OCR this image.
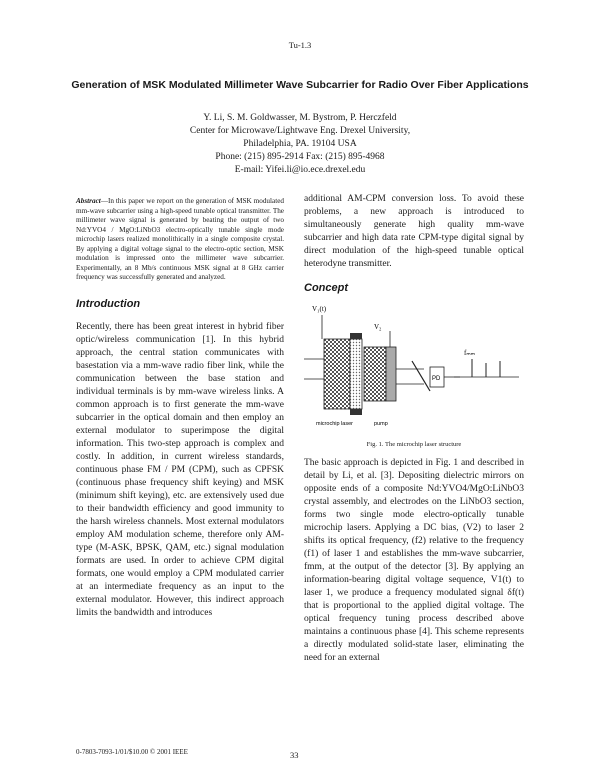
Tu-1.3
Generation of MSK Modulated Millimeter Wave Subcarrier for Radio Over Fiber Applications
Y. Li, S. M. Goldwasser, M. Bystrom, P. Herczfeld
Center for Microwave/Lightwave Eng. Drexel University,
Philadelphia, PA. 19104 USA
Phone: (215) 895-2914 Fax: (215) 895-4968
E-mail: Yifei.li@io.ece.drexel.edu

Abstract—In this paper we report on the generation of MSK modulated mm-wave subcarrier using a high-speed tunable optical transmitter. The millimeter wave signal is generated by beating the output of two Nd:YVO4 / MgO:LiNbO3 electro-optically tunable single mode microchip lasers realized monolithically in a single composite crystal. By applying a digital voltage signal to the electro-optic section, MSK modulation is impressed onto the millimeter wave subcarrier. Experimentally, an 8 Mb/s continuous MSK signal at 8 GHz carrier frequency was successfully generated and analyzed.

Introduction

Recently, there has been great interest in hybrid fiber optic/wireless communication [1]. In this hybrid approach, the central station communicates with basestation via a mm-wave radio fiber link, while the communication between the base station and individual terminals is by mm-wave wireless links. A common approach is to first generate the mm-wave subcarrier in the optical domain and then employ an external modulator to superimpose the digital information. This two-step approach is complex and costly. In addition, in current wireless standards, continuous phase FM / PM (CPM), such as CPFSK (continuous phase frequency shift keying) and MSK (minimum shift keying), etc. are extensively used due to their bandwidth efficiency and good immunity to the harsh wireless channels. Most external modulators employ AM modulation scheme, therefore only AM-type (M-ASK, BPSK, QAM, etc.) signal modulation formats are used. In order to achieve CPM digital formats, one would employ a CPM modulated carrier at an intermediate frequency as an input to the external modulator. However, this indirect approach limits the bandwidth and introduces

additional AM-CPM conversion loss. To avoid these problems, a new approach is introduced to simultaneously generate high quality mm-wave subcarrier and high data rate CPM-type digital signal by direct modulation of the high-speed tunable optical heterodyne transmitter.

Concept
V₁(t)
V₂
PD
fₘₘ
microchip laser	pump
Fig. 1. The microchip laser structure

The basic approach is depicted in Fig. 1 and described in detail by Li, et al. [3]. Depositing dielectric mirrors on opposite ends of a composite Nd:YVO4/MgO:LiNbO3 crystal assembly, and electrodes on the LiNbO3 section, forms two single mode electro-optically tunable microchip lasers. Applying a DC bias, (V2) to laser 2 shifts its optical frequency, (f2) relative to the frequency (f1) of laser 1 and establishes the mm-wave subcarrier, fmm, at the output of the detector [3]. By applying an information-bearing digital voltage sequence, V1(t) to laser 1, we produce a frequency modulated signal δf(t) that is proportional to the applied digital voltage. The optical frequency tuning process described above maintains a continuous phase [4]. This scheme represents a directly modulated solid-state laser, eliminating the need for an external

0-7803-7093-1/01/$10.00 © 2001 IEEE	33
